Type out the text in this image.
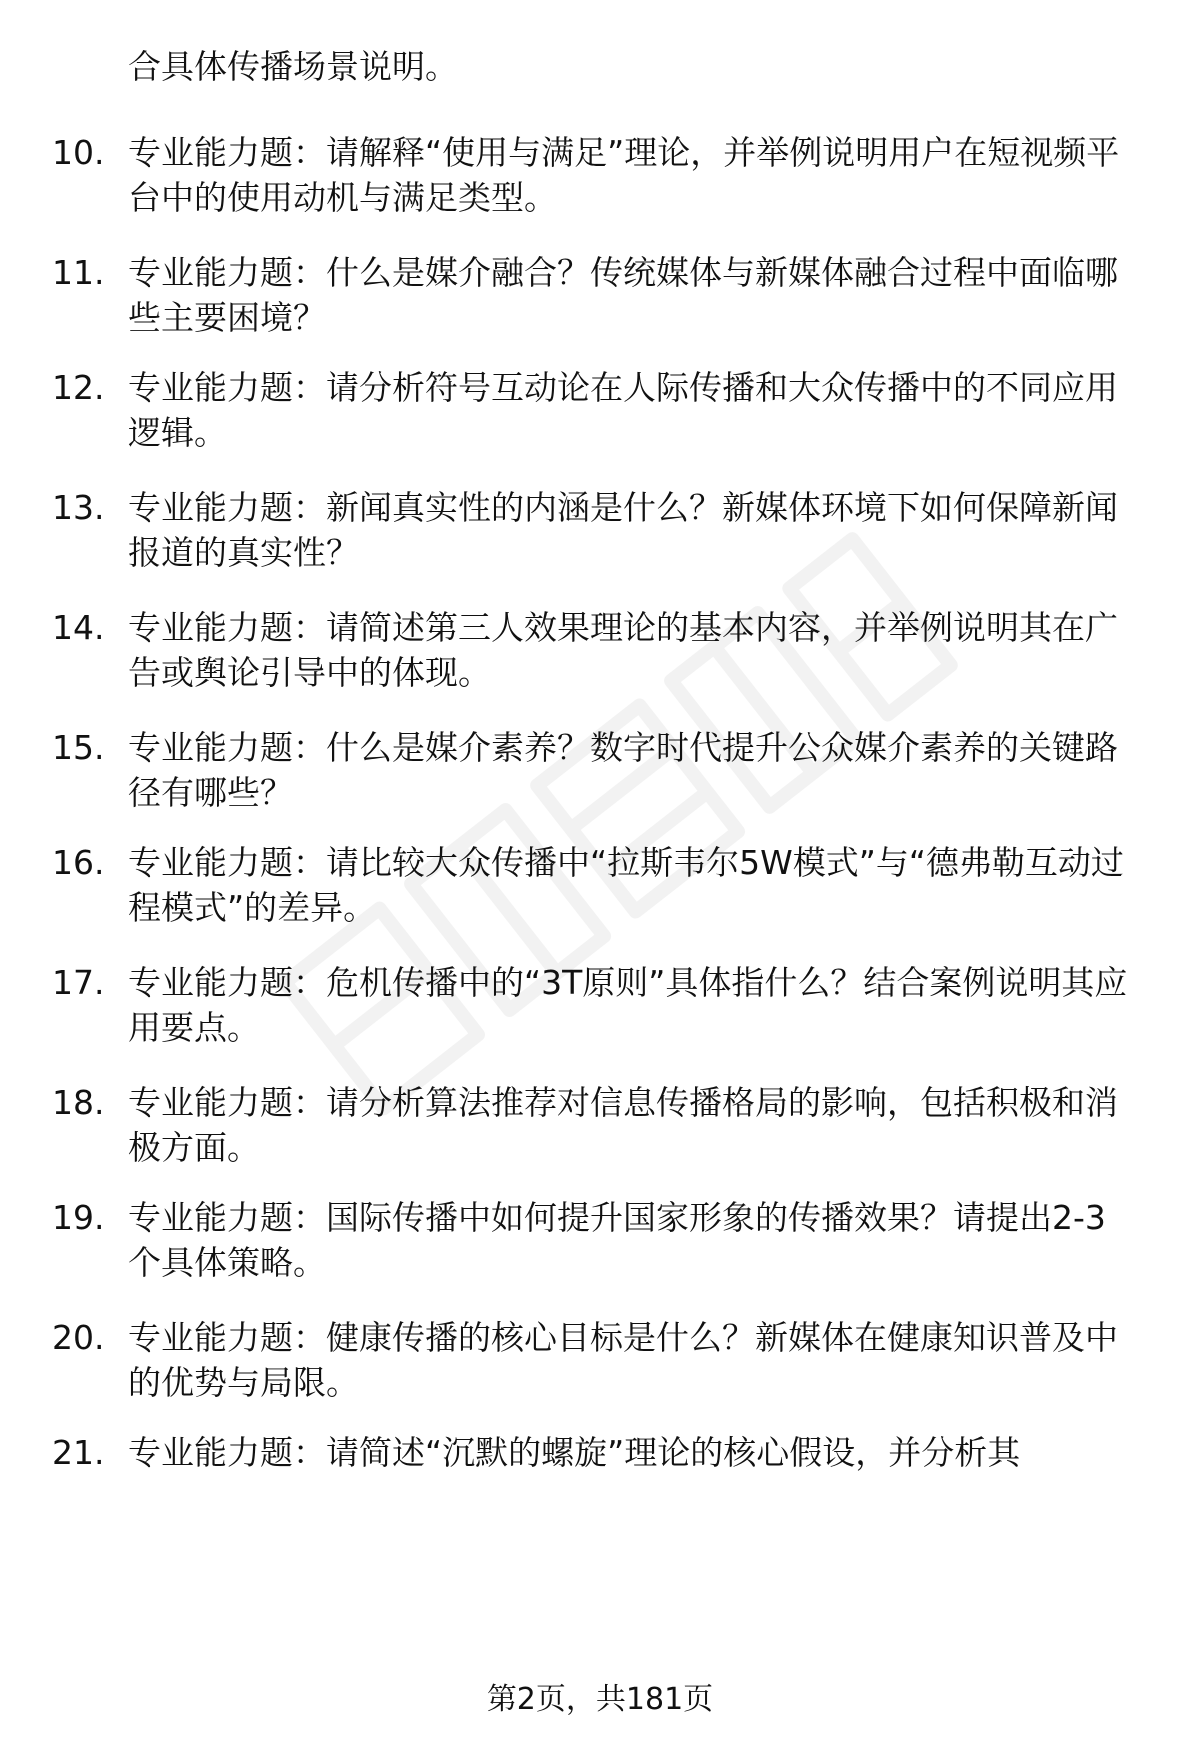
合具体传播场景说明。
10. 专业能力题：请解释“使用与满足”理论，并举例说明用户在短视频平台中的使用动机与满足类型。
11. 专业能力题：什么是媒介融合？传统媒体与新媒体融合过程中面临哪些主要困境？
12. 专业能力题：请分析符号互动论在人际传播和大众传播中的不同应用逻辑。
13. 专业能力题：新闻真实性的内涵是什么？新媒体环境下如何保障新闻报道的真实性？
14. 专业能力题：请简述第三人效果理论的基本内容，并举例说明其在广告或舆论引导中的体现。
15. 专业能力题：什么是媒介素养？数字时代提升公众媒介素养的关键路径有哪些？
16. 专业能力题：请比较大众传播中“拉斯韦尔5W模式”与“德弗勒互动过程模式”的差异。
17. 专业能力题：危机传播中的“3T原则”具体指什么？结合案例说明其应用要点。
18. 专业能力题：请分析算法推荐对信息传播格局的影响，包括积极和消极方面。
19. 专业能力题：国际传播中如何提升国家形象的传播效果？请提出2-3个具体策略。
20. 专业能力题：健康传播的核心目标是什么？新媒体在健康知识普及中的优势与局限。
21. 专业能力题：请简述“沉默的螺旋”理论的核心假设，并分析其
第2页，共181页
